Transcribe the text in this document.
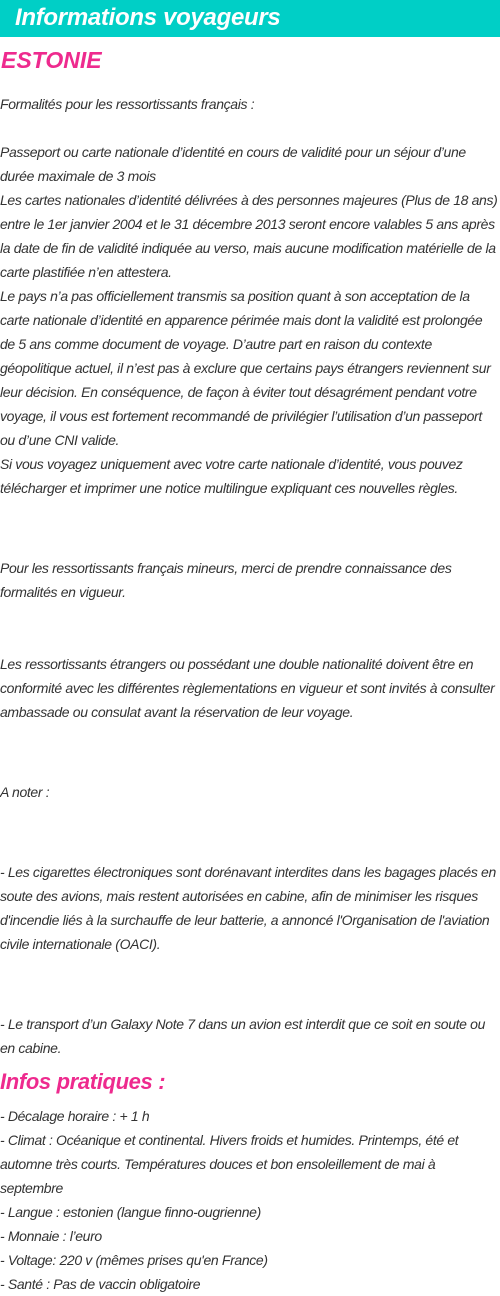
Informations voyageurs
ESTONIE

Formalités pour les ressortissants français :

Passeport ou carte nationale d’identité en cours de validité pour un séjour d’une durée maximale de 3 mois

Les cartes nationales d’identité délivrées à des personnes majeures (Plus de 18 ans) entre le 1er janvier 2004 et le 31 décembre 2013 seront encore valables 5 ans après la date de fin de validité indiquée au verso, mais aucune modification matérielle de la carte plastifiée n’en attestera.

Le pays n’a pas officiellement transmis sa position quant à son acceptation de la carte nationale d’identité en apparence périmée mais dont la validité est prolongée de 5 ans comme document de voyage. D’autre part en raison du contexte géopolitique actuel, il n’est pas à exclure que certains pays étrangers reviennent sur leur décision. En conséquence, de façon à éviter tout désagrément pendant votre voyage, il vous est fortement recommandé de privilégier l’utilisation d’un passeport ou d’une CNI valide.

Si vous voyagez uniquement avec votre carte nationale d’identité, vous pouvez télécharger et imprimer une notice multilingue expliquant ces nouvelles règles.

Pour les ressortissants français mineurs, merci de prendre connaissance des formalités en vigueur.

Les ressortissants étrangers ou possédant une double nationalité doivent être en conformité avec les différentes règlementations en vigueur et sont invités à consulter ambassade ou consulat avant la réservation de leur voyage.

A noter :

- Les cigarettes électroniques sont dorénavant interdites dans les bagages placés en soute des avions, mais restent autorisées en cabine, afin de minimiser les risques d'incendie liés à la surchauffe de leur batterie, a annoncé l'Organisation de l'aviation civile internationale (OACI).

- Le transport d’un Galaxy Note 7 dans un avion est interdit que ce soit en soute ou en cabine.

Infos pratiques :

- Décalage horaire : + 1 h

- Climat : Océanique et continental. Hivers froids et humides. Printemps, été et automne très courts. Températures douces et bon ensoleillement de mai à septembre

- Langue : estonien (langue finno-ougrienne)

- Monnaie : l’euro

- Voltage: 220 v (mêmes prises qu'en France)

- Santé : Pas de vaccin obligatoire
